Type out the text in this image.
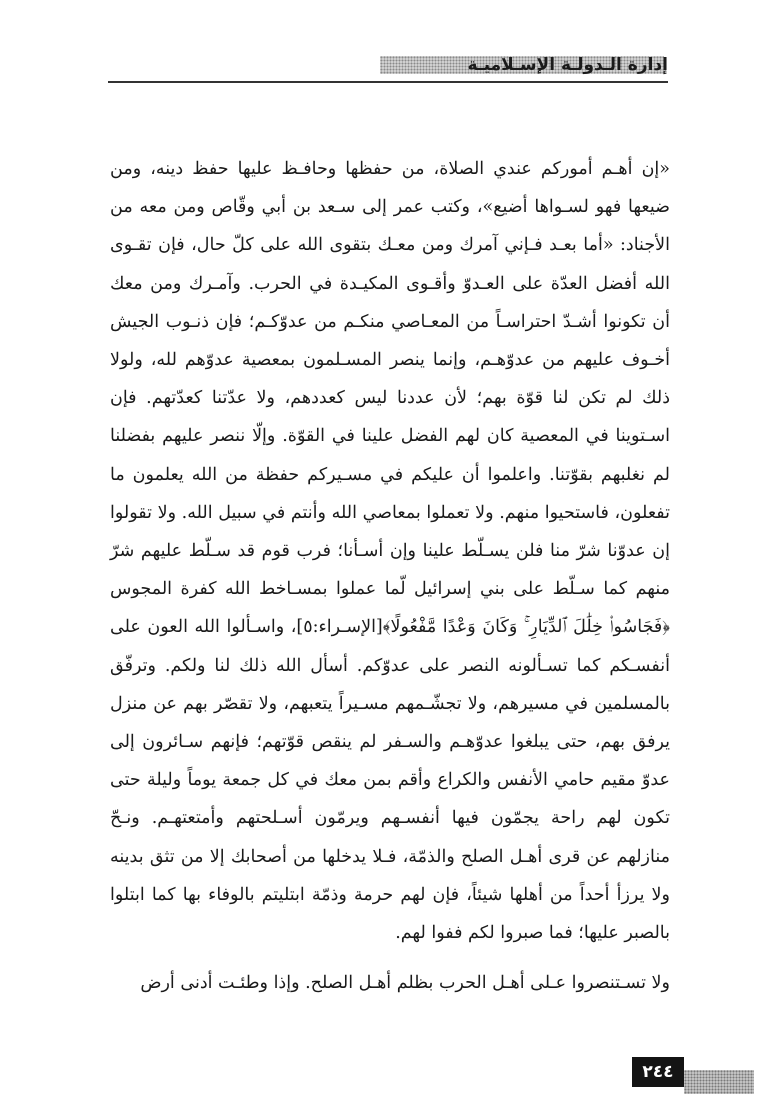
إدارة الـدولـة الإسـلاميـة

«إن أهـم أموركم عندي الصلاة، من حفظها وحافـظ عليها حفظ دينه، ومن ضيعها فهو لسـواها أضيع»، وكتب عمر إلى سـعد بن أبي وقّاص ومن معه من الأجناد: «أما بعـد فـإني آمرك ومن معـك بتقوى الله على كلّ حال، فإن تقـوى الله أفضل العدّة على العـدوّ وأقـوى المكيـدة في الحرب. وآمـرك ومن معك أن تكونوا أشـدّ احتراسـاً من المعـاصي منكـم من عدوّكـم؛ فإن ذنـوب الجيش أخـوف عليهم من عدوّهـم، وإنما ينصر المسـلمون بمعصية عدوّهم لله، ولولا ذلك لم تكن لنا قوّة بهم؛ لأن عددنا ليس كعددهم، ولا عدّتنا كعدّتهم. فإن اسـتوينا في المعصية كان لهم الفضل علينا في القوّة. وإلّا ننصر عليهم بفضلنا لم نغلبهم بقوّتنا. واعلموا أن عليكم في مسـيركم حفظة من الله يعلمون ما تفعلون، فاستحيوا منهم. ولا تعملوا بمعاصي الله وأنتم في سبيل الله. ولا تقولوا إن عدوّنا شرّ منا فلن يسـلّط علينا وإن أسـأنا؛ فرب قوم قد سـلّط عليهم شرّ منهم كما سـلّط على بني إسرائيل لّما عملوا بمسـاخط الله كفرة المجوس ﴿فَجَاسُوا۟ خِلَٰلَ ٱلدِّيَارِ ۚ وَكَانَ وَعْدًا مَّفْعُولًا﴾[الإسـراء:٥]، واسـألوا الله العون على أنفسـكم كما تسـألونه النصر على عدوّكم. أسأل الله ذلك لنا ولكم. وترفّق بالمسلمين في مسيرهم، ولا تجشّـمهم مسـيراً يتعبهم، ولا تقصّر بهم عن منزل يرفق بهم، حتى يبلغوا عدوّهـم والسـفر لم ينقص قوّتهم؛ فإنهم سـائرون إلى عدوّ مقيم حامي الأنفس والكراع وأقم بمن معك في كل جمعة يوماً وليلة حتى تكون لهم راحة يجمّون فيها أنفسـهم ويرمّون أسـلحتهم وأمتعتهـم. ونـحّ منازلهم عن قرى أهـل الصلح والذمّة، فـلا يدخلها من أصحابك إلا من تثق بدينه ولا يرزأ أحداً من أهلها شيئاً، فإن لهم حرمة وذمّة ابتليتم بالوفاء بها كما ابتلوا بالصبر عليها؛ فما صبروا لكم ففوا لهم.

ولا تسـتنصروا عـلى أهـل الحرب بظلم أهـل الصلح. وإذا وطئـت أدنى أرض

٢٤٤
